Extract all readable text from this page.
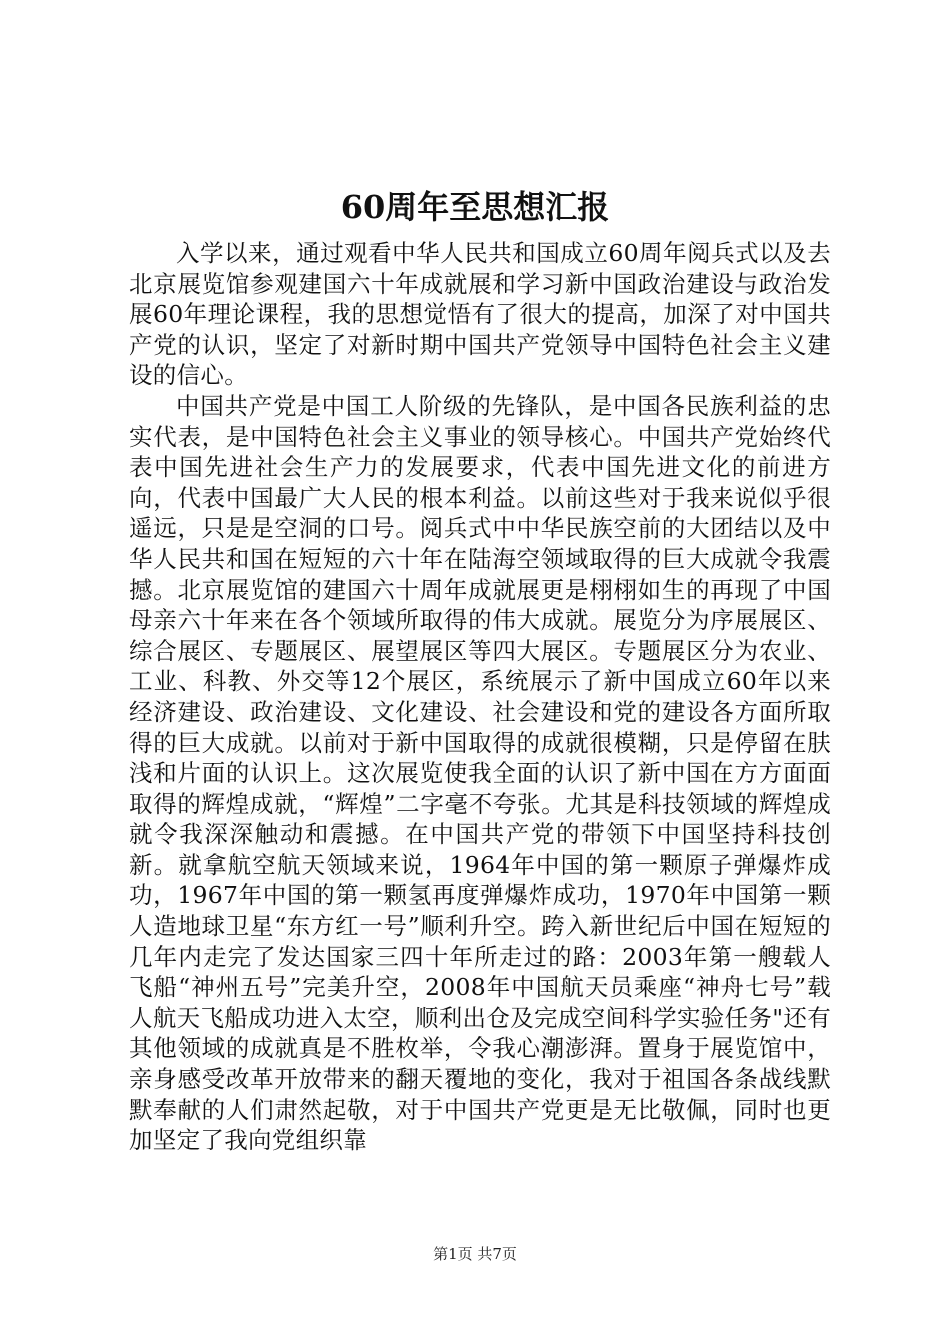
60周年至思想汇报

入学以来，通过观看中华人民共和国成立60周年阅兵式以及去北京展览馆参观建国六十年成就展和学习新中国政治建设与政治发展60年理论课程，我的思想觉悟有了很大的提高，加深了对中国共产党的认识，坚定了对新时期中国共产党领导中国特色社会主义建设的信心。

中国共产党是中国工人阶级的先锋队，是中国各民族利益的忠实代表，是中国特色社会主义事业的领导核心。中国共产党始终代表中国先进社会生产力的发展要求，代表中国先进文化的前进方向，代表中国最广大人民的根本利益。以前这些对于我来说似乎很遥远，只是是空洞的口号。阅兵式中中华民族空前的大团结以及中华人民共和国在短短的六十年在陆海空领域取得的巨大成就令我震撼。北京展览馆的建国六十周年成就展更是栩栩如生的再现了中国母亲六十年来在各个领域所取得的伟大成就。展览分为序展展区、综合展区、专题展区、展望展区等四大展区。专题展区分为农业、工业、科教、外交等12个展区，系统展示了新中国成立60年以来经济建设、政治建设、文化建设、社会建设和党的建设各方面所取得的巨大成就。以前对于新中国取得的成就很模糊，只是停留在肤浅和片面的认识上。这次展览使我全面的认识了新中国在方方面面取得的辉煌成就，“辉煌”二字毫不夸张。尤其是科技领域的辉煌成就令我深深触动和震撼。在中国共产党的带领下中国坚持科技创新。就拿航空航天领域来说，1964年中国的第一颗原子弹爆炸成功，1967年中国的第一颗氢再度弹爆炸成功，1970年中国第一颗人造地球卫星“东方红一号”顺利升空。跨入新世纪后中国在短短的几年内走完了发达国家三四十年所走过的路：2003年第一艘载人飞船“神州五号”完美升空，2008年中国航天员乘座“神舟七号”载人航天飞船成功进入太空，顺利出仓及完成空间科学实验任务"还有其他领域的成就真是不胜枚举，令我心潮澎湃。置身于展览馆中，亲身感受改革开放带来的翻天覆地的变化，我对于祖国各条战线默默奉献的人们肃然起敬，对于中国共产党更是无比敬佩，同时也更加坚定了我向党组织靠

第1页 共7页
